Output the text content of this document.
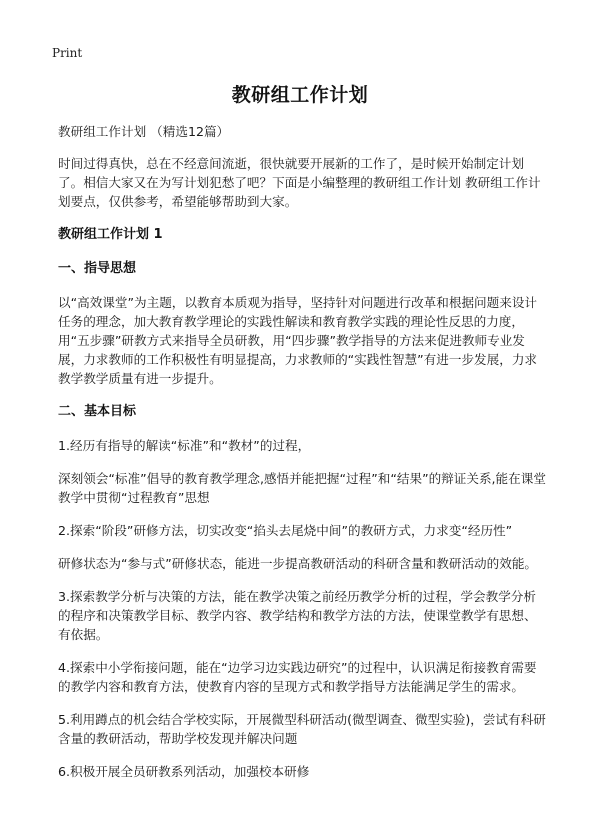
Print
教研组工作计划

教研组工作计划 （精选12篇）

时间过得真快，总在不经意间流逝，很快就要开展新的工作了，是时候开始制定计划了。相信大家又在为写计划犯愁了吧？下面是小编整理的教研组工作计划 教研组工作计划要点，仅供参考，希望能够帮助到大家。

教研组工作计划 1
一、指导思想

以“高效课堂”为主题，以教育本质观为指导，坚持针对问题进行改革和根据问题来设计任务的理念，加大教育教学理论的实践性解读和教育教学实践的理论性反思的力度，用“五步骤”研教方式来指导全员研教，用“四步骤”教学指导的方法来促进教师专业发展，力求教师的工作积极性有明显提高，力求教师的“实践性智慧”有进一步发展，力求教学教学质量有进一步提升。

二、基本目标

1.经历有指导的解读“标准”和“教材”的过程，

深刻领会“标准”倡导的教育教学理念,感悟并能把握“过程”和“结果”的辩证关系,能在课堂教学中贯彻“过程教育”思想

2.探索“阶段”研修方法，切实改变“掐头去尾烧中间”的教研方式，力求变“经历性”

研修状态为“参与式”研修状态，能进一步提高教研活动的科研含量和教研活动的效能。

3.探索教学分析与决策的方法，能在教学决策之前经历教学分析的过程，学会教学分析的程序和决策教学目标、教学内容、教学结构和教学方法的方法，使课堂教学有思想、有依据。

4.探索中小学衔接问题，能在“边学习边实践边研究”的过程中，认识满足衔接教育需要的教学内容和教育方法，使教育内容的呈现方式和教学指导方法能满足学生的需求。

5.利用蹲点的机会结合学校实际，开展微型科研活动(微型调查、微型实验)，尝试有科研含量的教研活动，帮助学校发现并解决问题

6.积极开展全员研教系列活动，加强校本研修
